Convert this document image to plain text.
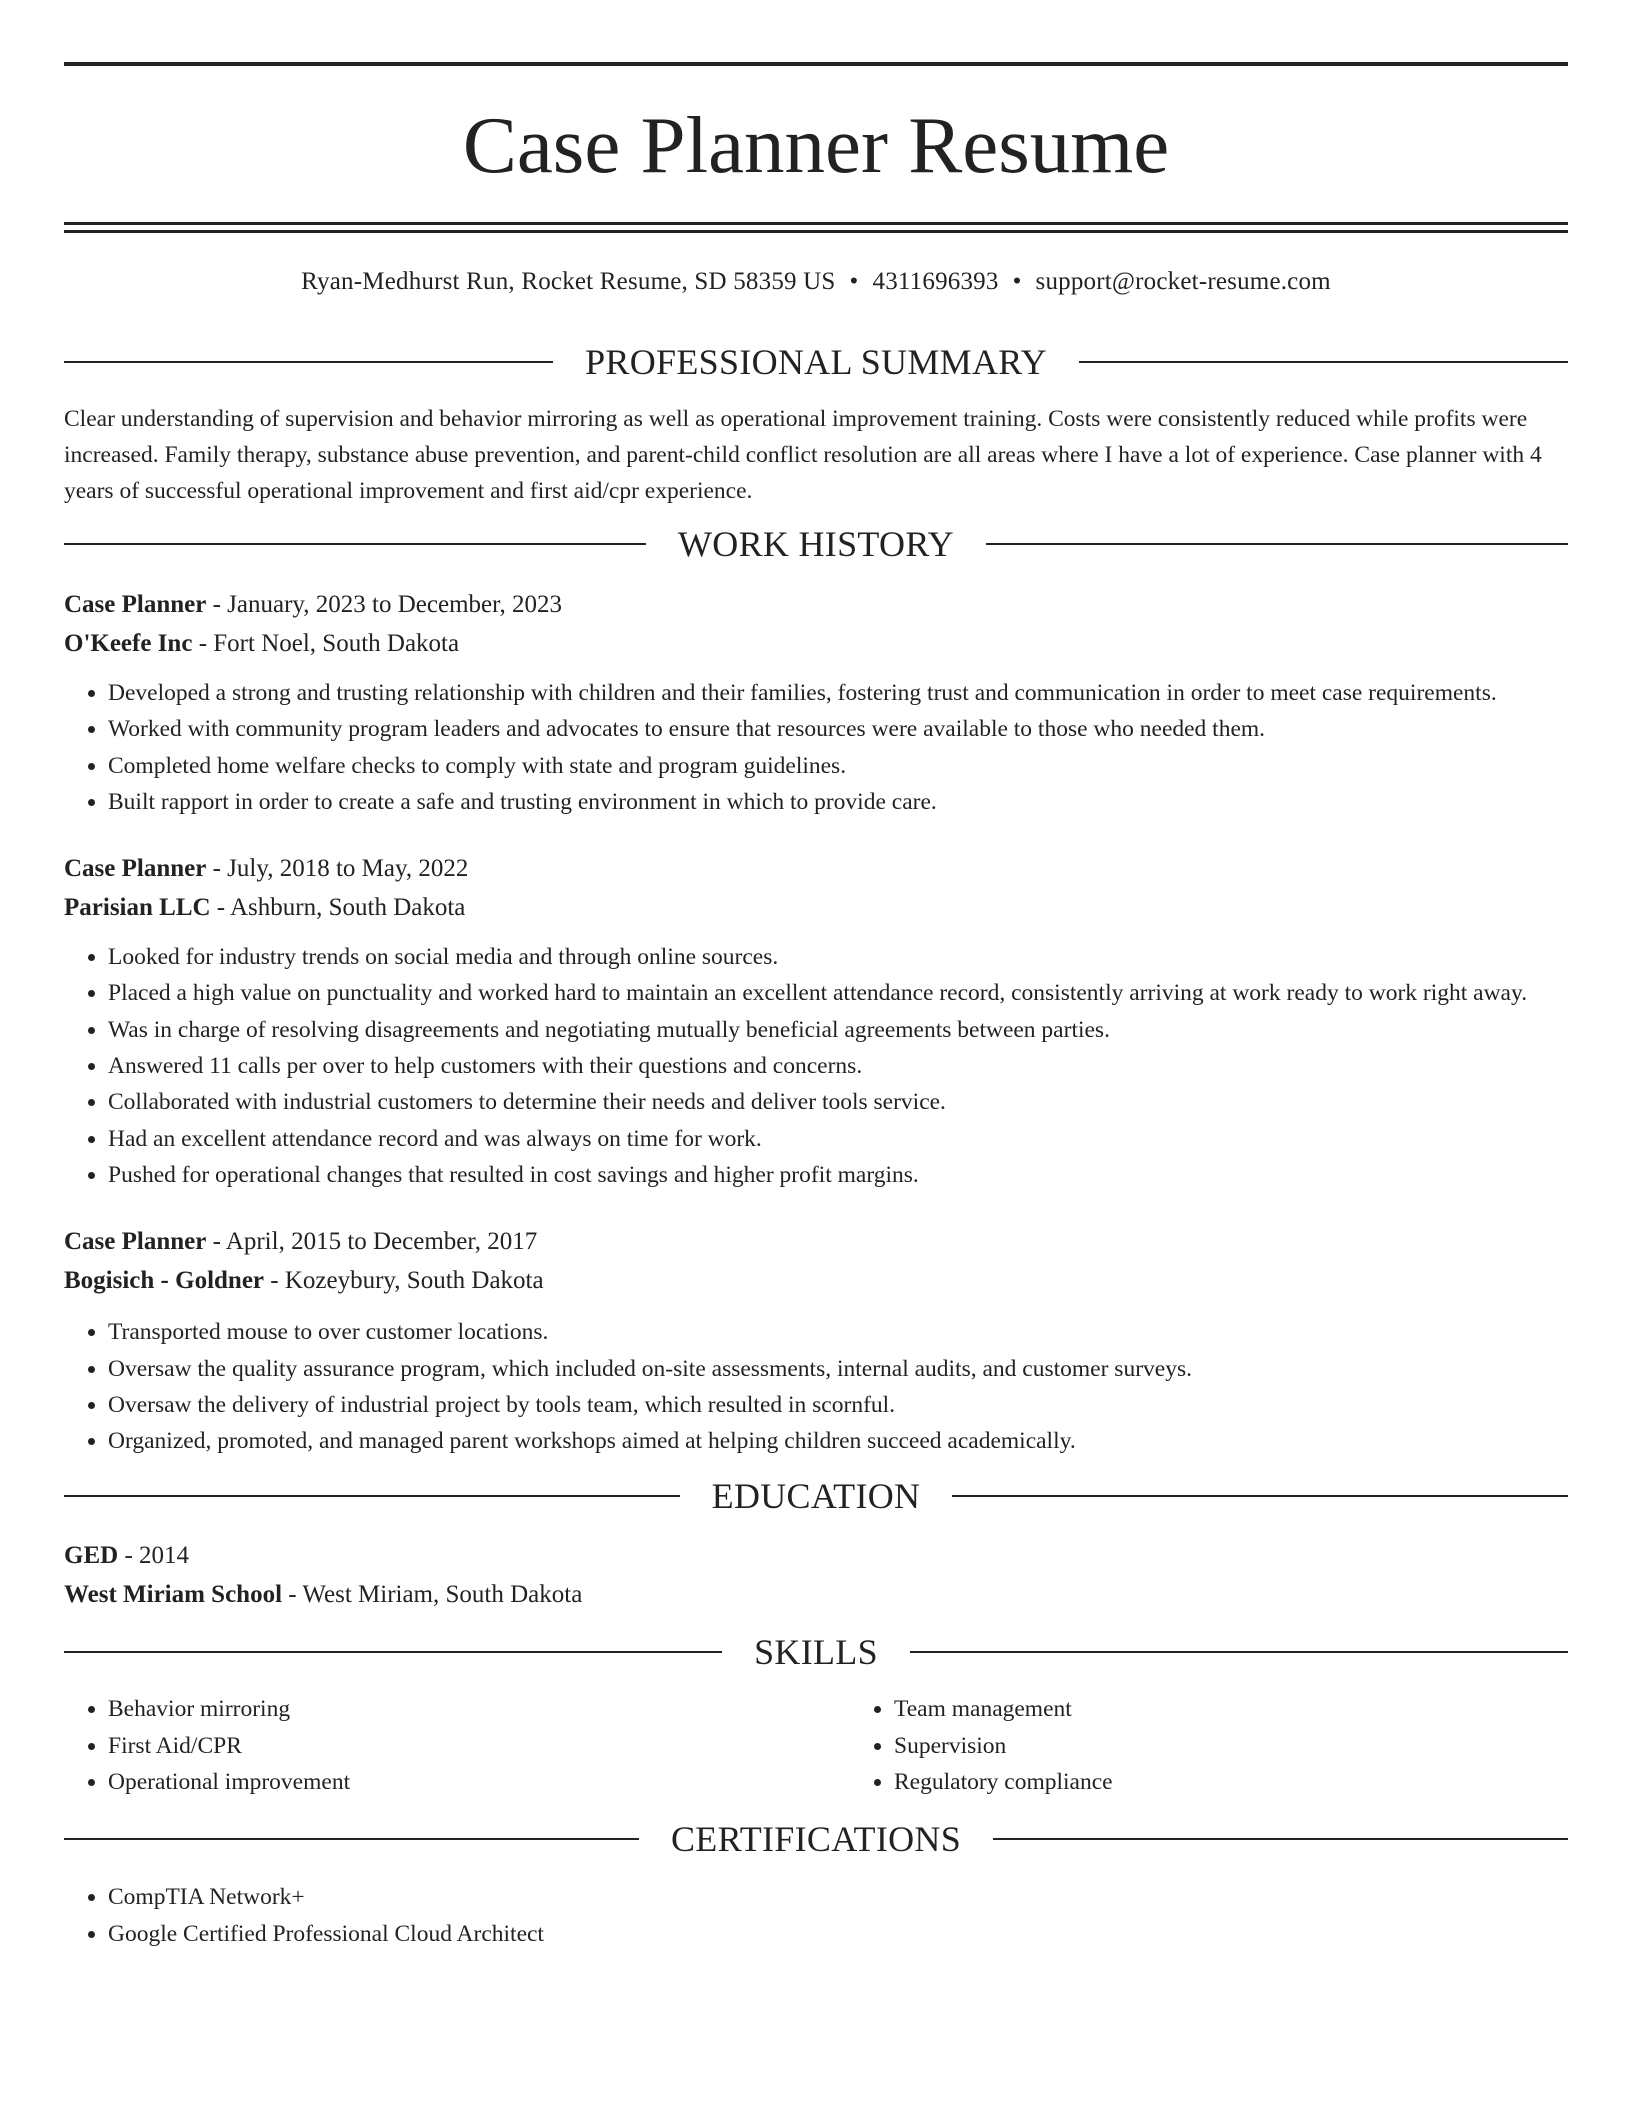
Case Planner Resume
Ryan-Medhurst Run, Rocket Resume, SD 58359 US • 4311696393 • support@rocket-resume.com
PROFESSIONAL SUMMARY

Clear understanding of supervision and behavior mirroring as well as operational improvement training. Costs were consistently reduced while profits were increased. Family therapy, substance abuse prevention, and parent-child conflict resolution are all areas where I have a lot of experience. Case planner with 4 years of successful operational improvement and first aid/cpr experience.

WORK HISTORY

Case Planner - January, 2023 to December, 2023

O'Keefe Inc - Fort Noel, South Dakota

• Developed a strong and trusting relationship with children and their families, fostering trust and communication in order to meet case requirements.
• Worked with community program leaders and advocates to ensure that resources were available to those who needed them.
• Completed home welfare checks to comply with state and program guidelines.
• Built rapport in order to create a safe and trusting environment in which to provide care.

Case Planner - July, 2018 to May, 2022

Parisian LLC - Ashburn, South Dakota

• Looked for industry trends on social media and through online sources.
• Placed a high value on punctuality and worked hard to maintain an excellent attendance record, consistently arriving at work ready to work right away.
• Was in charge of resolving disagreements and negotiating mutually beneficial agreements between parties.
• Answered 11 calls per over to help customers with their questions and concerns.
• Collaborated with industrial customers to determine their needs and deliver tools service.
• Had an excellent attendance record and was always on time for work.
• Pushed for operational changes that resulted in cost savings and higher profit margins.

Case Planner - April, 2015 to December, 2017

Bogisich - Goldner - Kozeybury, South Dakota

• Transported mouse to over customer locations.
• Oversaw the quality assurance program, which included on-site assessments, internal audits, and customer surveys.
• Oversaw the delivery of industrial project by tools team, which resulted in scornful.
• Organized, promoted, and managed parent workshops aimed at helping children succeed academically.
EDUCATION

GED - 2014

West Miriam School - West Miriam, South Dakota

SKILLS
• Behavior mirroring
• First Aid/CPR
• Operational improvement
• Team management
• Supervision
• Regulatory compliance
CERTIFICATIONS
• CompTIA Network+
• Google Certified Professional Cloud Architect
